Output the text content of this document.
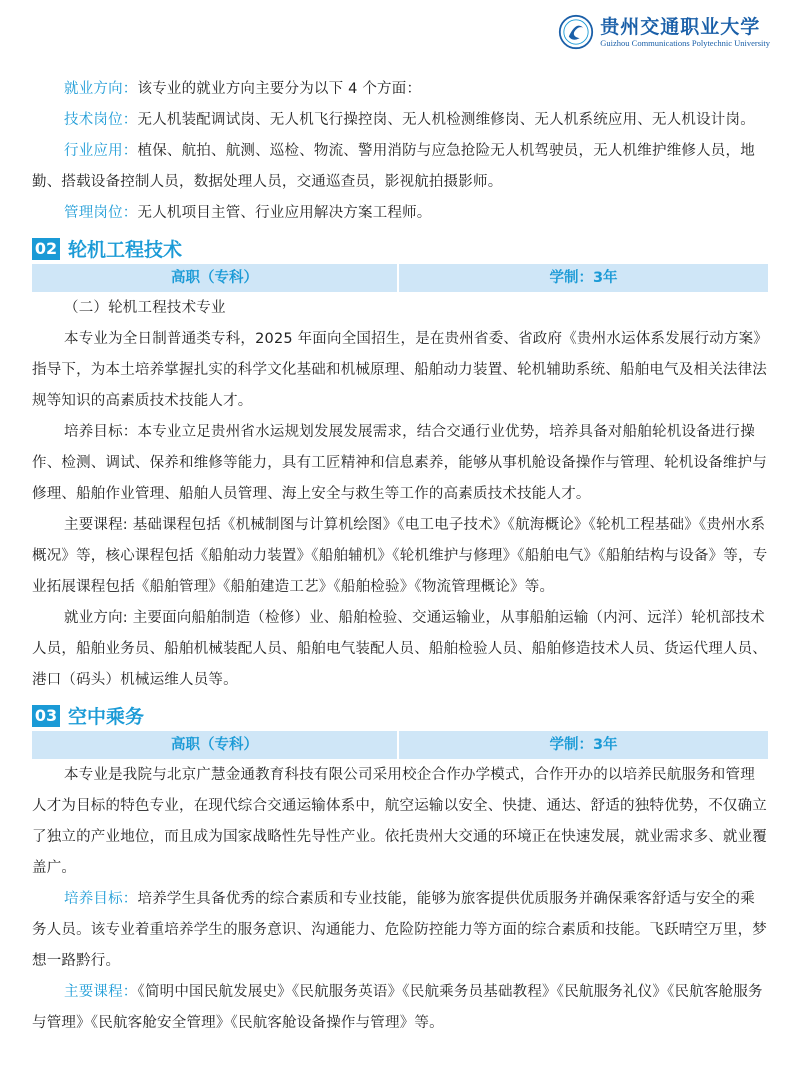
贵州交通职业大学
Guizhou Communications Polytechnic University

就业方向：该专业的就业方向主要分为以下 4 个方面：

技术岗位：无人机装配调试岗、无人机飞行操控岗、无人机检测维修岗、无人机系统应用、无人机设计岗。

行业应用：植保、航拍、航测、巡检、物流、警用消防与应急抢险无人机驾驶员，无人机维护维修人员，地勤、搭载设备控制人员，数据处理人员，交通巡查员，影视航拍摄影师。

管理岗位：无人机项目主管、行业应用解决方案工程师。

02 轮机工程技术
高职（专科）	学制：3年

（二）轮机工程技术专业

本专业为全日制普通类专科，2025 年面向全国招生，是在贵州省委、省政府《贵州水运体系发展行动方案》指导下，为本土培养掌握扎实的科学文化基础和机械原理、船舶动力装置、轮机辅助系统、船舶电气及相关法律法规等知识的高素质技术技能人才。

培养目标：本专业立足贵州省水运规划发展发展需求，结合交通行业优势，培养具备对船舶轮机设备进行操作、检测、调试、保养和维修等能力，具有工匠精神和信息素养，能够从事机舱设备操作与管理、轮机设备维护与修理、船舶作业管理、船舶人员管理、海上安全与救生等工作的高素质技术技能人才。

主要课程: 基础课程包括《机械制图与计算机绘图》《电工电子技术》《航海概论》《轮机工程基础》《贵州水系概况》等，核心课程包括《船舶动力装置》《船舶辅机》《轮机维护与修理》《船舶电气》《船舶结构与设备》等，专业拓展课程包括《船舶管理》《船舶建造工艺》《船舶检验》《物流管理概论》等。

就业方向: 主要面向船舶制造（检修）业、船舶检验、交通运输业，从事船舶运输（内河、远洋）轮机部技术人员，船舶业务员、船舶机械装配人员、船舶电气装配人员、船舶检验人员、船舶修造技术人员、货运代理人员、港口（码头）机械运维人员等。

03 空中乘务
高职（专科）	学制：3年

本专业是我院与北京广慧金通教育科技有限公司采用校企合作办学模式，合作开办的以培养民航服务和管理人才为目标的特色专业，在现代综合交通运输体系中，航空运输以安全、快捷、通达、舒适的独特优势，不仅确立了独立的产业地位，而且成为国家战略性先导性产业。依托贵州大交通的环境正在快速发展，就业需求多、就业覆盖广。

培养目标：培养学生具备优秀的综合素质和专业技能，能够为旅客提供优质服务并确保乘客舒适与安全的乘务人员。该专业着重培养学生的服务意识、沟通能力、危险防控能力等方面的综合素质和技能。飞跃晴空万里，梦想一路黔行。

主要课程：《简明中国民航发展史》《民航服务英语》《民航乘务员基础教程》《民航服务礼仪》《民航客舱服务与管理》《民航客舱安全管理》《民航客舱设备操作与管理》等。
